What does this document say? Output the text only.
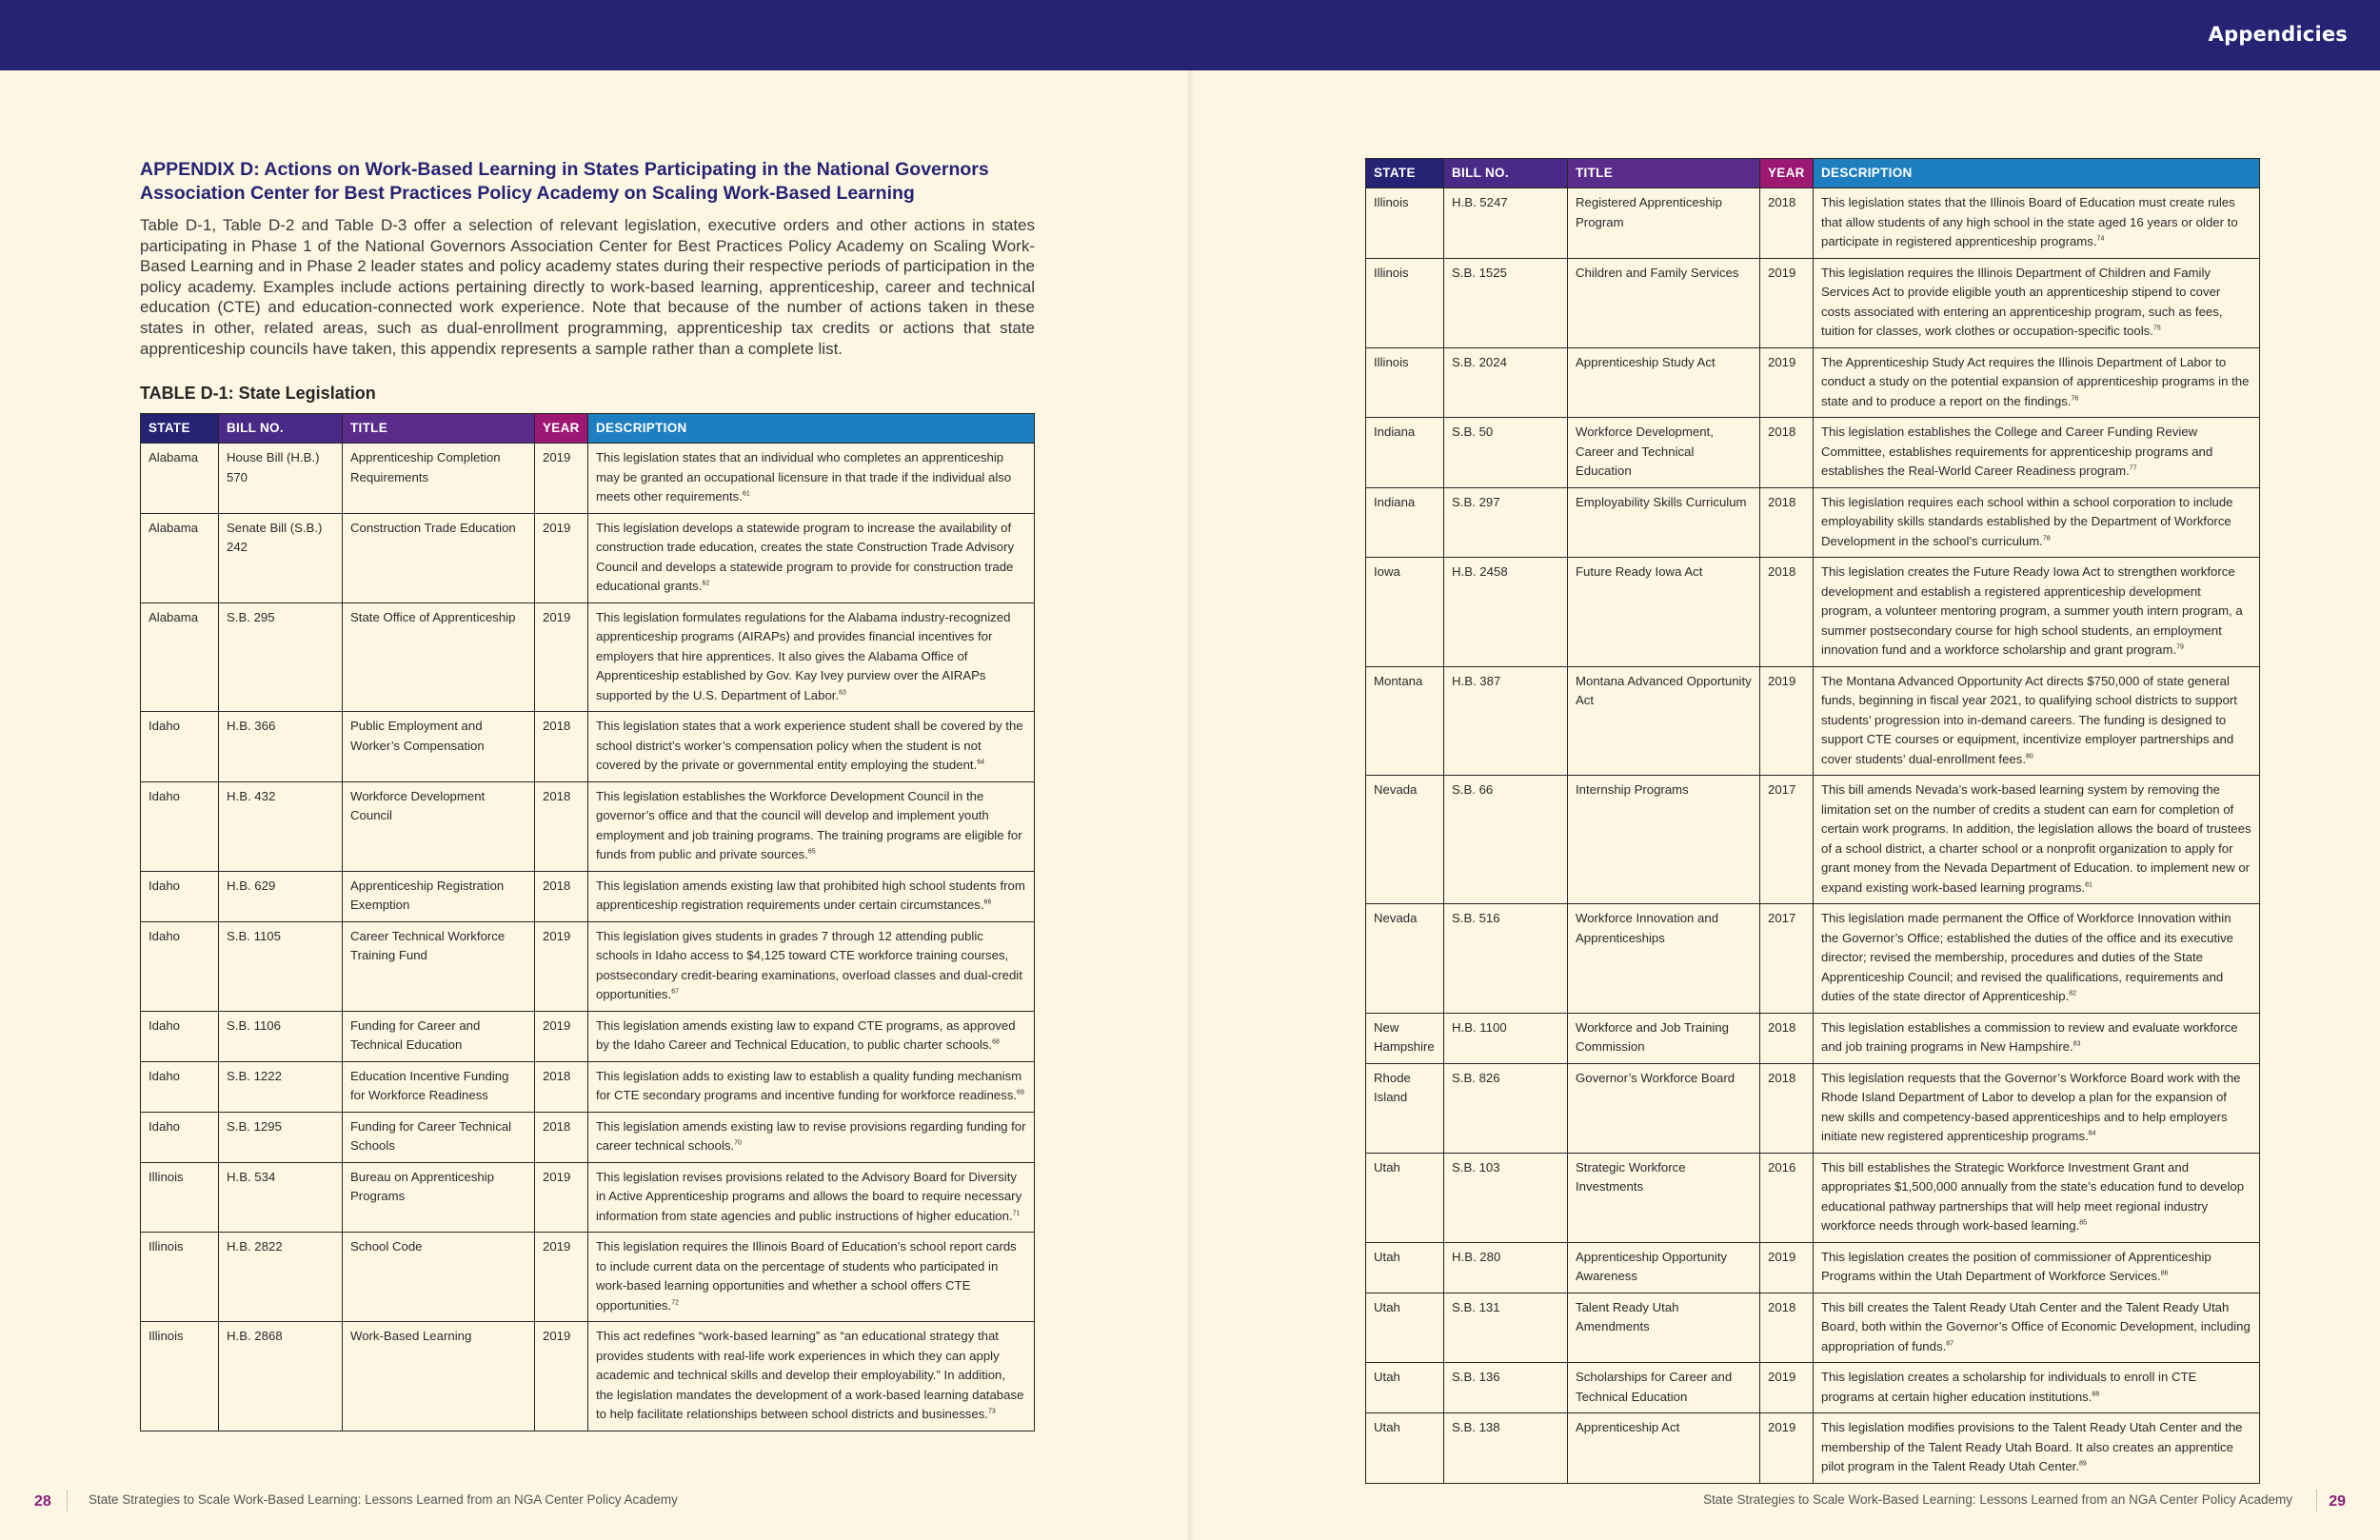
Appendicies
APPENDIX D: Actions on Work-Based Learning in States Participating in the National Governors Association Center for Best Practices Policy Academy on Scaling Work-Based Learning

Table D-1, Table D-2 and Table D-3 offer a selection of relevant legislation, executive orders and other actions in states participating in Phase 1 of the National Governors Association Center for Best Practices Policy Academy on Scaling Work-Based Learning and in Phase 2 leader states and policy academy states during their respective periods of participation in the policy academy. Examples include actions pertaining directly to work-based learning, apprenticeship, career and technical education (CTE) and education-connected work experience. Note that because of the number of actions taken in these states in other, related areas, such as dual-enrollment programming, apprenticeship tax credits or actions that state apprenticeship councils have taken, this appendix represents a sample rather than a complete list.

TABLE D-1: State Legislation
STATE	BILL NO.	TITLE	YEAR	DESCRIPTION
Alabama	House Bill (H.B.) 570	Apprenticeship Completion Requirements	2019	This legislation states that an individual who completes an apprenticeship may be granted an occupational licensure in that trade if the individual also meets other requirements.$^{61}$
Alabama	Senate Bill (S.B.) 242	Construction Trade Education	2019	This legislation develops a statewide program to increase the availability of construction trade education, creates the state Construction Trade Advisory Council and develops a statewide program to provide for construction trade educational grants.$^{62}$
Alabama	S.B. 295	State Office of Apprenticeship	2019	This legislation formulates regulations for the Alabama industry-recognized apprenticeship programs (AIRAPs) and provides financial incentives for employers that hire apprentices. It also gives the Alabama Office of Apprenticeship established by Gov. Kay Ivey purview over the AIRAPs supported by the U.S. Department of Labor.$^{63}$
Idaho	H.B. 366	Public Employment and Worker’s Compensation	2018	This legislation states that a work experience student shall be covered by the school district’s worker’s compensation policy when the student is not covered by the private or governmental entity employing the student.$^{64}$
Idaho	H.B. 432	Workforce Development Council	2018	This legislation establishes the Workforce Development Council in the governor’s office and that the council will develop and implement youth employment and job training programs. The training programs are eligible for funds from public and private sources.$^{65}$
Idaho	H.B. 629	Apprenticeship Registration Exemption	2018	This legislation amends existing law that prohibited high school students from apprenticeship registration requirements under certain circumstances.$^{66}$
Idaho	S.B. 1105	Career Technical Workforce Training Fund	2019	This legislation gives students in grades 7 through 12 attending public schools in Idaho access to $4,125 toward CTE workforce training courses, postsecondary credit-bearing examinations, overload classes and dual-credit opportunities.$^{67}$
Idaho	S.B. 1106	Funding for Career and Technical Education	2019	This legislation amends existing law to expand CTE programs, as approved by the Idaho Career and Technical Education, to public charter schools.$^{68}$
Idaho	S.B. 1222	Education Incentive Funding for Workforce Readiness	2018	This legislation adds to existing law to establish a quality funding mechanism for CTE secondary programs and incentive funding for workforce readiness.$^{69}$
Idaho	S.B. 1295	Funding for Career Technical Schools	2018	This legislation amends existing law to revise provisions regarding funding for career technical schools.$^{70}$
Illinois	H.B. 534	Bureau on Apprenticeship Programs	2019	This legislation revises provisions related to the Advisory Board for Diversity in Active Apprenticeship programs and allows the board to require necessary information from state agencies and public instructions of higher education.$^{71}$
Illinois	H.B. 2822	School Code	2019	This legislation requires the Illinois Board of Education’s school report cards to include current data on the percentage of students who participated in work-based learning opportunities and whether a school offers CTE opportunities.$^{72}$
Illinois	H.B. 2868	Work-Based Learning	2019	This act redefines “work-based learning” as “an educational strategy that provides students with real-life work experiences in which they can apply academic and technical skills and develop their employability.” In addition, the legislation mandates the development of a work-based learning database to help facilitate relationships between school districts and businesses.$^{73}$
STATE	BILL NO.	TITLE	YEAR	DESCRIPTION
Illinois	H.B. 5247	Registered Apprenticeship Program	2018	This legislation states that the Illinois Board of Education must create rules that allow students of any high school in the state aged 16 years or older to participate in registered apprenticeship programs.$^{74}$
Illinois	S.B. 1525	Children and Family Services	2019	This legislation requires the Illinois Department of Children and Family Services Act to provide eligible youth an apprenticeship stipend to cover costs associated with entering an apprenticeship program, such as fees, tuition for classes, work clothes or occupation-specific tools.$^{75}$
Illinois	S.B. 2024	Apprenticeship Study Act	2019	The Apprenticeship Study Act requires the Illinois Department of Labor to conduct a study on the potential expansion of apprenticeship programs in the state and to produce a report on the findings.$^{76}$
Indiana	S.B. 50	Workforce Development, Career and Technical Education	2018	This legislation establishes the College and Career Funding Review Committee, establishes requirements for apprenticeship programs and establishes the Real-World Career Readiness program.$^{77}$
Indiana	S.B. 297	Employability Skills Curriculum	2018	This legislation requires each school within a school corporation to include employability skills standards established by the Department of Workforce Development in the school’s curriculum.$^{78}$
Iowa	H.B. 2458	Future Ready Iowa Act	2018	This legislation creates the Future Ready Iowa Act to strengthen workforce development and establish a registered apprenticeship development program, a volunteer mentoring program, a summer youth intern program, a summer postsecondary course for high school students, an employment innovation fund and a workforce scholarship and grant program.$^{79}$
Montana	H.B. 387	Montana Advanced Opportunity Act	2019	The Montana Advanced Opportunity Act directs $750,000 of state general funds, beginning in fiscal year 2021, to qualifying school districts to support students’ progression into in-demand careers. The funding is designed to support CTE courses or equipment, incentivize employer partnerships and cover students’ dual-enrollment fees.$^{80}$
Nevada	S.B. 66	Internship Programs	2017	This bill amends Nevada’s work-based learning system by removing the limitation set on the number of credits a student can earn for completion of certain work programs. In addition, the legislation allows the board of trustees of a school district, a charter school or a nonprofit organization to apply for grant money from the Nevada Department of Education. to implement new or expand existing work-based learning programs.$^{81}$
Nevada	S.B. 516	Workforce Innovation and Apprenticeships	2017	This legislation made permanent the Office of Workforce Innovation within the Governor’s Office; established the duties of the office and its executive director; revised the membership, procedures and duties of the State Apprenticeship Council; and revised the qualifications, requirements and duties of the state director of Apprenticeship.$^{82}$
New Hampshire	H.B. 1100	Workforce and Job Training Commission	2018	This legislation establishes a commission to review and evaluate workforce and job training programs in New Hampshire.$^{83}$
Rhode Island	S.B. 826	Governor’s Workforce Board	2018	This legislation requests that the Governor’s Workforce Board work with the Rhode Island Department of Labor to develop a plan for the expansion of new skills and competency-based apprenticeships and to help employers initiate new registered apprenticeship programs.$^{84}$
Utah	S.B. 103	Strategic Workforce Investments	2016	This bill establishes the Strategic Workforce Investment Grant and appropriates $1,500,000 annually from the state’s education fund to develop educational pathway partnerships that will help meet regional industry workforce needs through work-based learning.$^{85}$
Utah	H.B. 280	Apprenticeship Opportunity Awareness	2019	This legislation creates the position of commissioner of Apprenticeship Programs within the Utah Department of Workforce Services.$^{86}$
Utah	S.B. 131	Talent Ready Utah Amendments	2018	This bill creates the Talent Ready Utah Center and the Talent Ready Utah Board, both within the Governor’s Office of Economic Development, including appropriation of funds.$^{87}$
Utah	S.B. 136	Scholarships for Career and Technical Education	2019	This legislation creates a scholarship for individuals to enroll in CTE programs at certain higher education institutions.$^{88}$
Utah	S.B. 138	Apprenticeship Act	2019	This legislation modifies provisions to the Talent Ready Utah Center and the membership of the Talent Ready Utah Board. It also creates an apprentice pilot program in the Talent Ready Utah Center.$^{89}$
28	State Strategies to Scale Work-Based Learning: Lessons Learned from an NGA Center Policy Academy	State Strategies to Scale Work-Based Learning: Lessons Learned from an NGA Center Policy Academy 29
